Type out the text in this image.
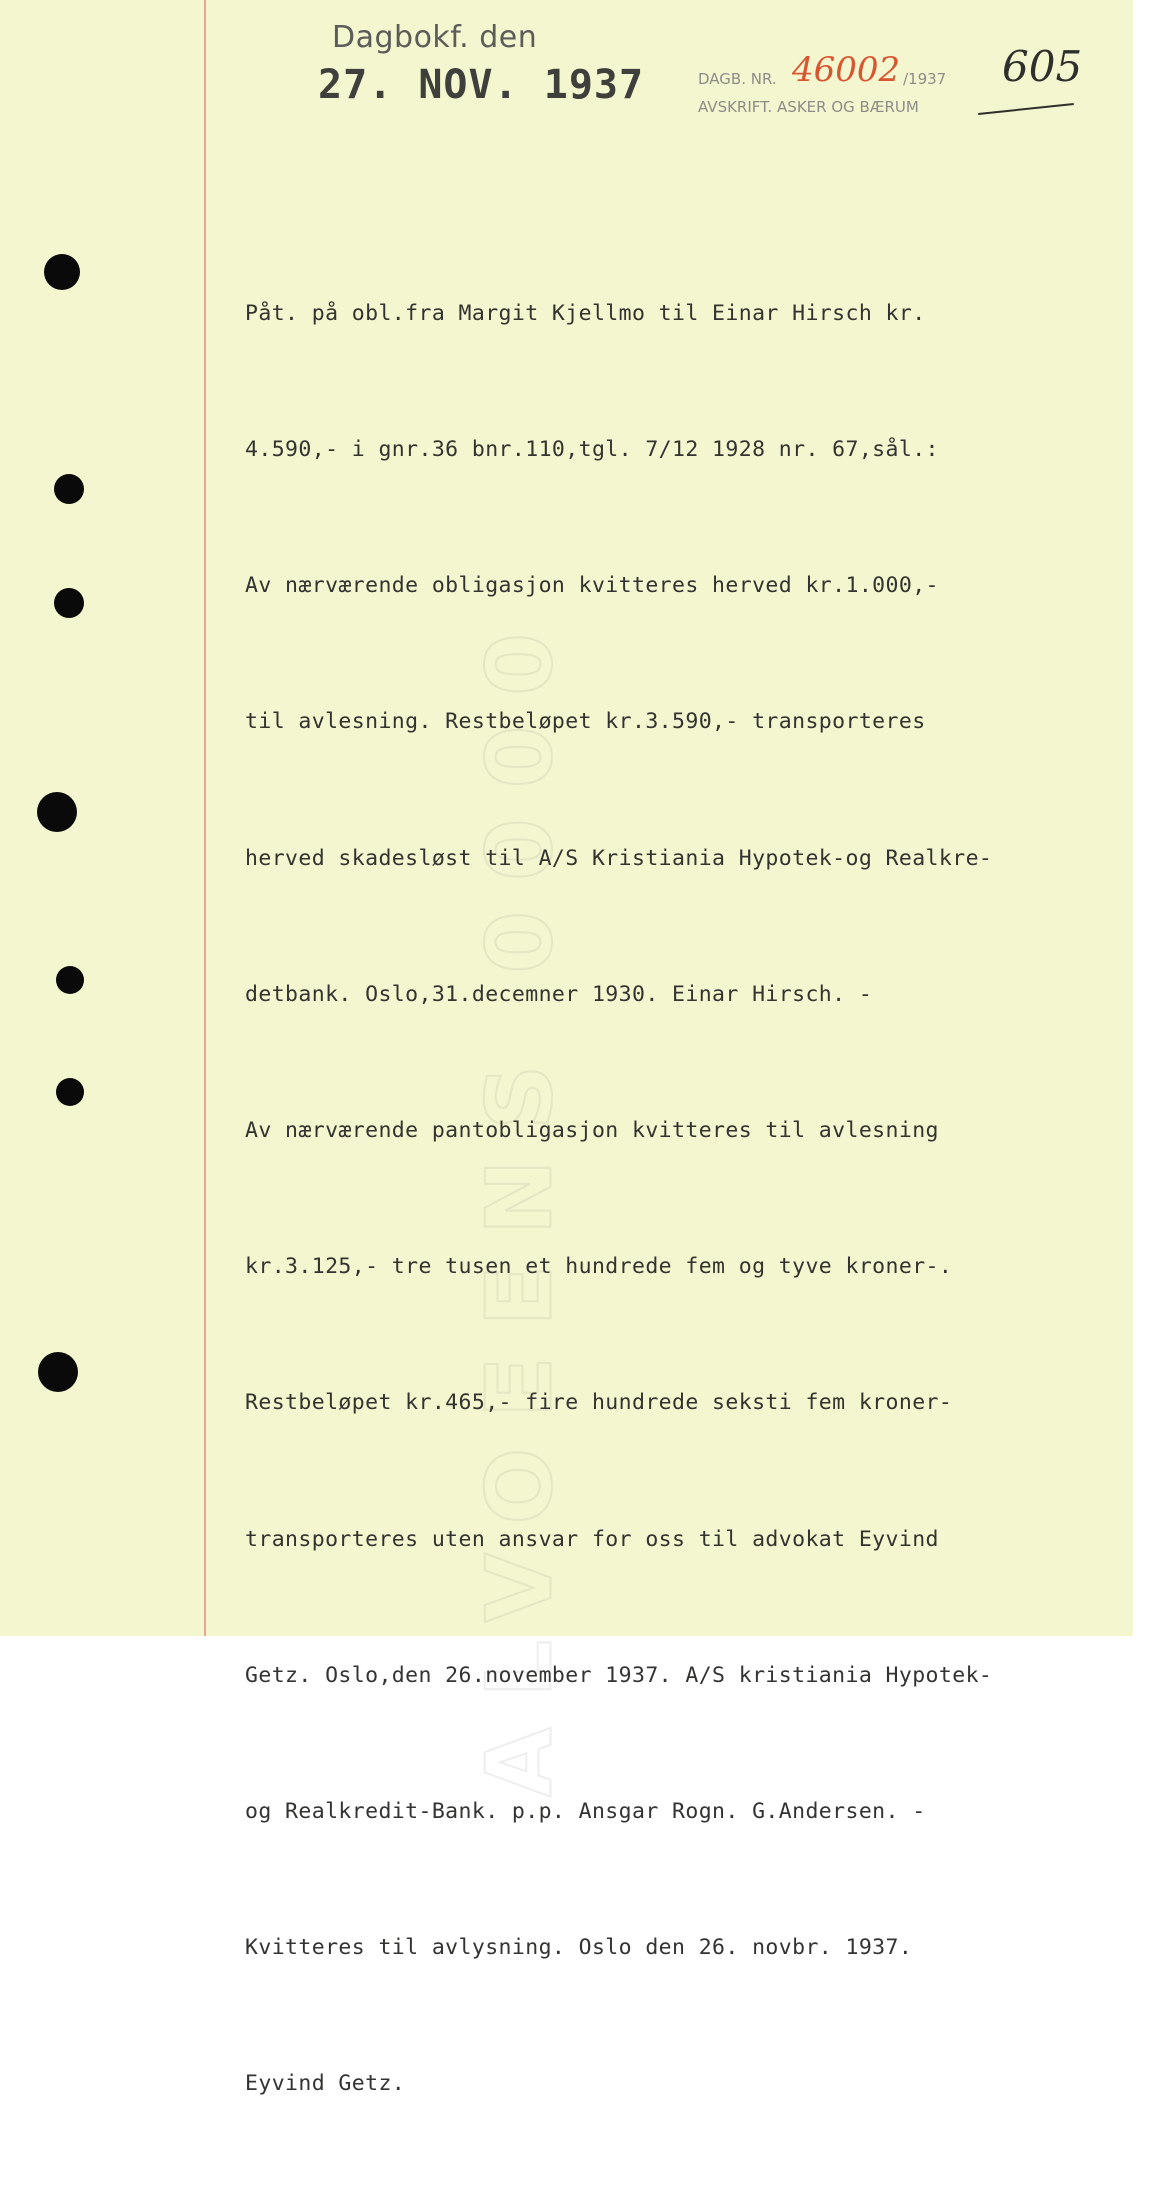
ALVOEENS 0000
Dagbokf. den
27. NOV. 1937	DAGB. NR. 46002 /1937
AVSKRIFT. ASKER OG BÆRUM
605

Påt. på obl.fra Margit Kjellmo til Einar Hirsch kr.

4.590,- i gnr.36 bnr.110,tgl. 7/12 1928 nr. 67,sål.:

Av nærværende obligasjon kvitteres herved kr.1.000,-

til avlesning. Restbeløpet kr.3.590,- transporteres

herved skadesløst til A/S Kristiania Hypotek-og Realkre-

detbank. Oslo,31.decemner 1930. Einar Hirsch. -

Av nærværende pantobligasjon kvitteres til avlesning

kr.3.125,- tre tusen et hundrede fem og tyve kroner-.

Restbeløpet kr.465,- fire hundrede seksti fem kroner-

transporteres uten ansvar for oss til advokat Eyvind

Getz. Oslo,den 26.november 1937. A/S kristiania Hypotek-

og Realkredit-Bank. p.p. Ansgar Rogn. G.Andersen. -

Kvitteres til avlysning. Oslo den 26. novbr. 1937.

Eyvind Getz.
